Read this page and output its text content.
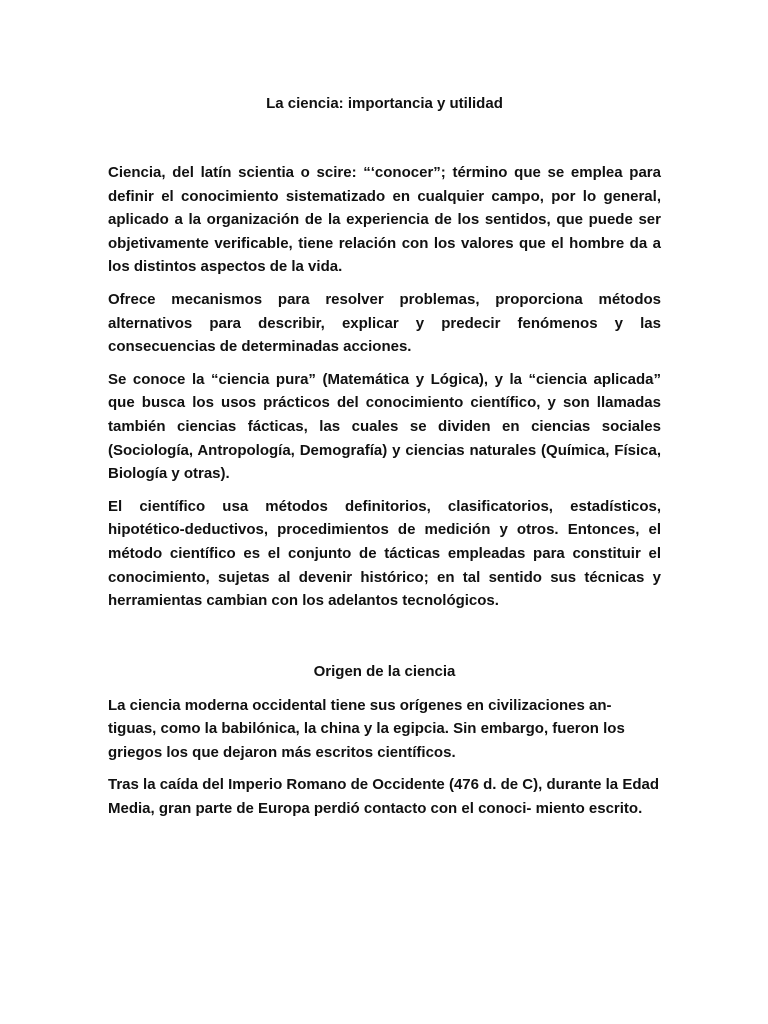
La ciencia: importancia y utilidad

Ciencia, del latín scientia o scire: “‘conocer”; término que se emplea para definir el conocimiento sistematizado en cualquier campo, por lo general, aplicado a la organización de la experiencia de los sentidos, que puede ser objetivamente verificable, tiene relación con los valores que el hombre da a los distintos aspectos de la vida.

Ofrece mecanismos para resolver problemas, proporciona métodos alternativos para describir, explicar y predecir fenómenos y las consecuencias de determinadas acciones.

Se conoce la “ciencia pura” (Matemática y Lógica), y la “ciencia aplicada” que busca los usos prácticos del conocimiento científico, y son llamadas también ciencias fácticas, las cuales se dividen en ciencias sociales (Sociología, Antropología, Demografía) y ciencias naturales (Química, Física, Biología y otras).

El científico usa métodos definitorios, clasificatorios, estadísticos, hipotético-deductivos, procedimientos de medición y otros. Entonces, el método científico es el conjunto de tácticas empleadas para constituir el conocimiento, sujetas al devenir histórico; en tal sentido sus técnicas y herramientas cambian con los adelantos tecnológicos.

Origen de la ciencia

La ciencia moderna occidental tiene sus orígenes en civilizaciones an- tiguas, como la babilónica, la china y la egipcia. Sin embargo, fueron los griegos los que dejaron más escritos científicos.

Tras la caída del Imperio Romano de Occidente (476 d. de C), durante la Edad Media, gran parte de Europa perdió contacto con el conoci- miento escrito.
